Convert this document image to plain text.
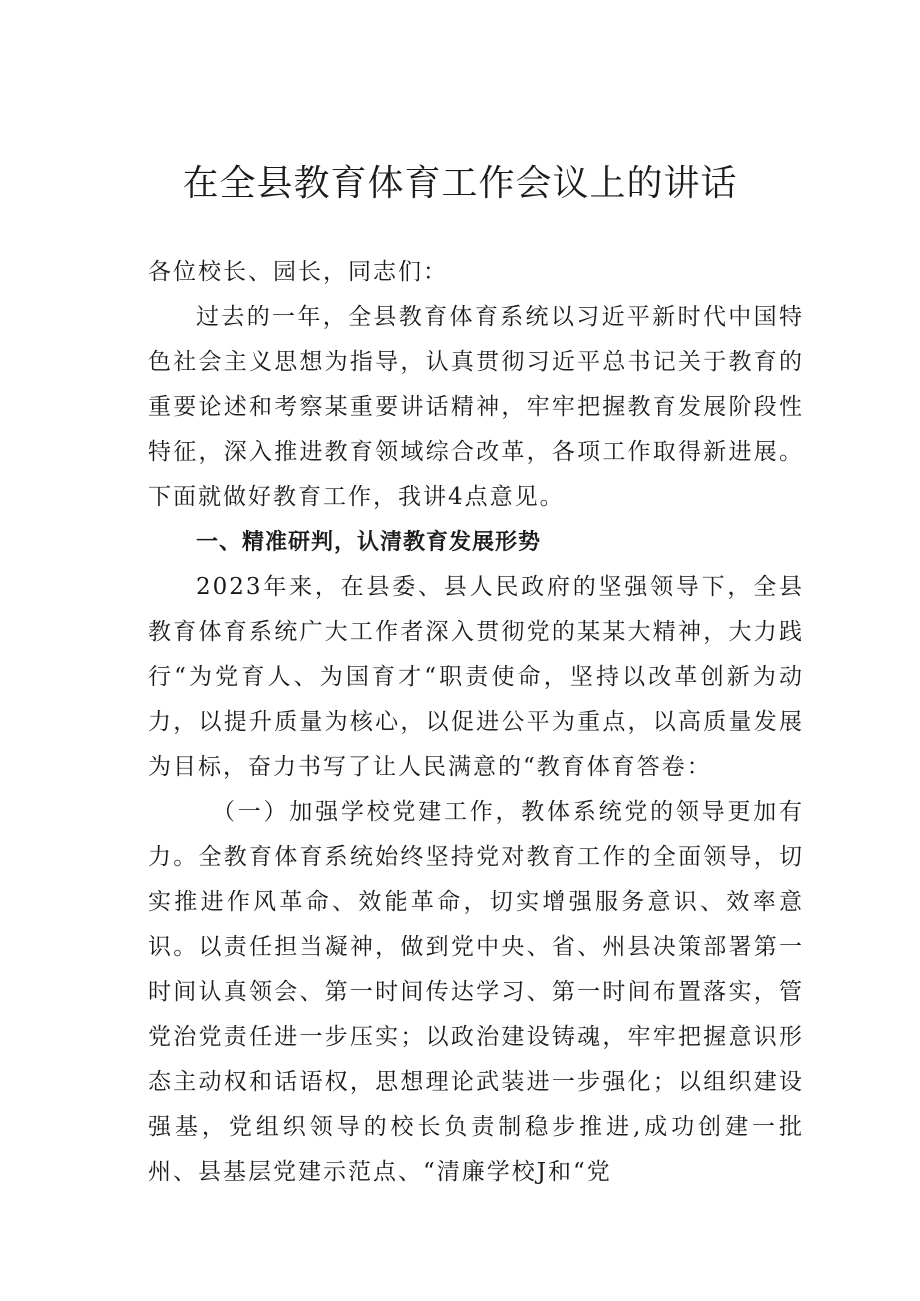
在全县教育体育工作会议上的讲话

各位校长、园长，同志们：

过去的一年，全县教育体育系统以习近平新时代中国特色社会主义思想为指导，认真贯彻习近平总书记关于教育的重要论述和考察某重要讲话精神，牢牢把握教育发展阶段性特征，深入推进教育领域综合改革，各项工作取得新进展。下面就做好教育工作，我讲4点意见。

一、精准研判，认清教育发展形势

2023年来，在县委、县人民政府的坚强领导下，全县教育体育系统广大工作者深入贯彻党的某某大精神，大力践行“为党育人、为国育才“职责使命，坚持以改革创新为动力，以提升质量为核心，以促进公平为重点，以高质量发展为目标，奋力书写了让人民满意的“教育体育答卷：

（一）加强学校党建工作，教体系统党的领导更加有力。全教育体育系统始终坚持党对教育工作的全面领导，切实推进作风革命、效能革命，切实增强服务意识、效率意识。以责任担当凝神，做到党中央、省、州县决策部署第一时间认真领会、第一时间传达学习、第一时间布置落实，管党治党责任进一步压实；以政治建设铸魂，牢牢把握意识形态主动权和话语权，思想理论武装进一步强化；以组织建设强基，党组织领导的校长负责制稳步推进,成功创建一批州、县基层党建示范点、“清廉学校J和“党
